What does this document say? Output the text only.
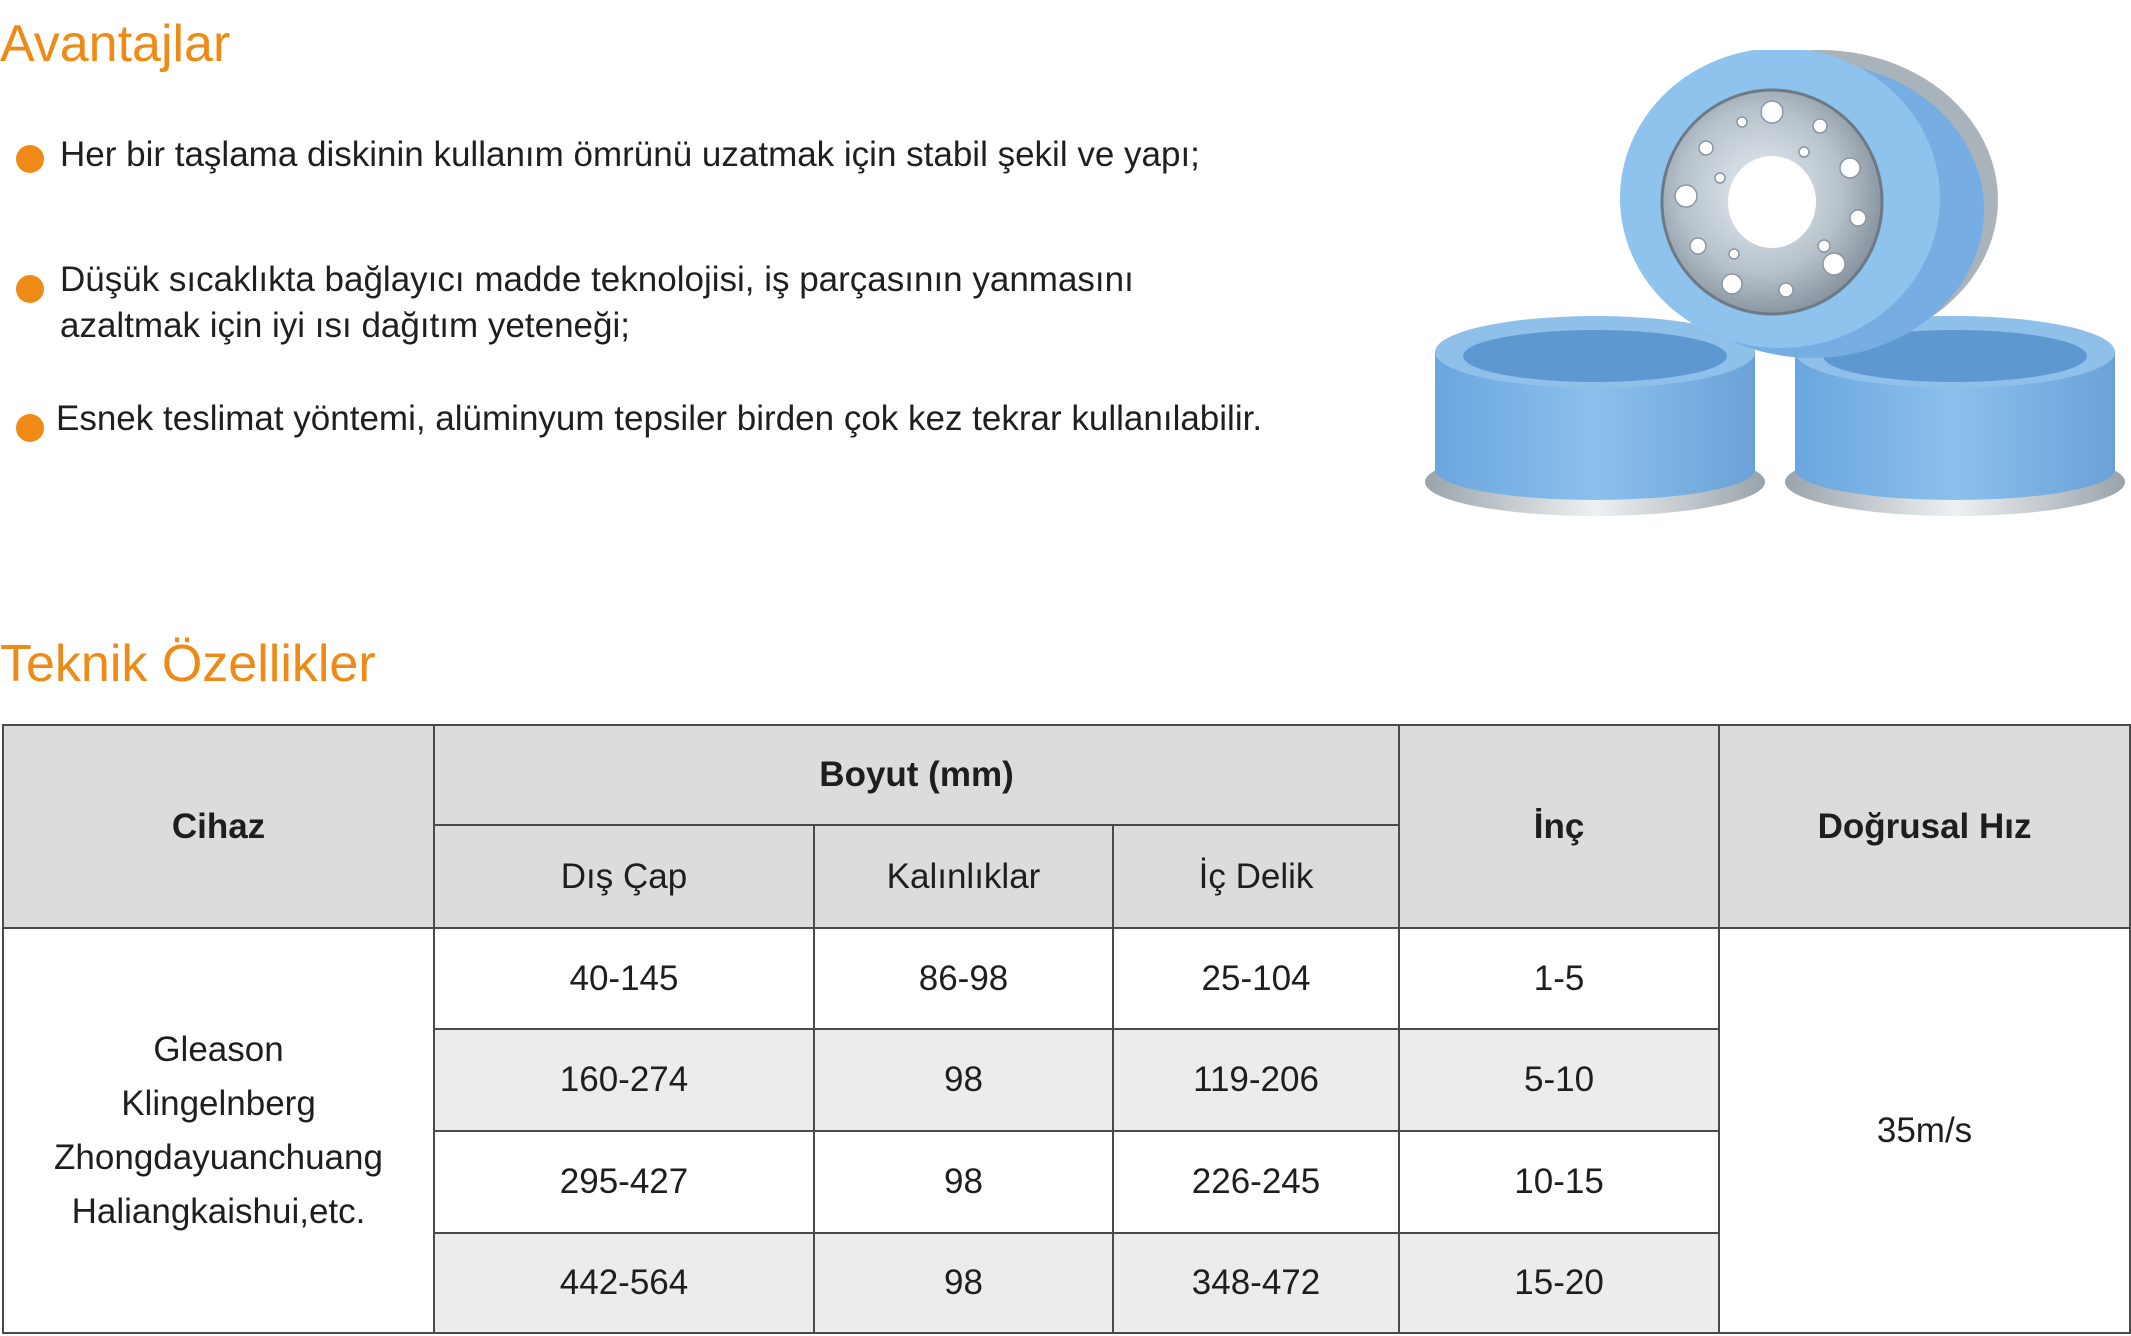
Avantajlar
Her bir taşlama diskinin kullanım ömrünü uzatmak için stabil şekil ve yapı;
Düşük sıcaklıkta bağlayıcı madde teknolojisi, iş parçasının yanmasını
azaltmak için iyi ısı dağıtım yeteneği;
Esnek teslimat yöntemi, alüminyum tepsiler birden çok kez tekrar kullanılabilir.
Teknik Özellikler
Cihaz	Boyut (mm)			İnç	Doğrusal Hız
	Dış Çap	Kalınlıklar	İç Delik		

Gleason
Klingelnberg
Zhongdayuanchuang
Haliangkaishui,etc.	40-145	86-98	25-104	1-5	35m/s
	160-274	98	119-206	5-10	
	295-427	98	226-245	10-15	
	442-564	98	348-472	15-20	
